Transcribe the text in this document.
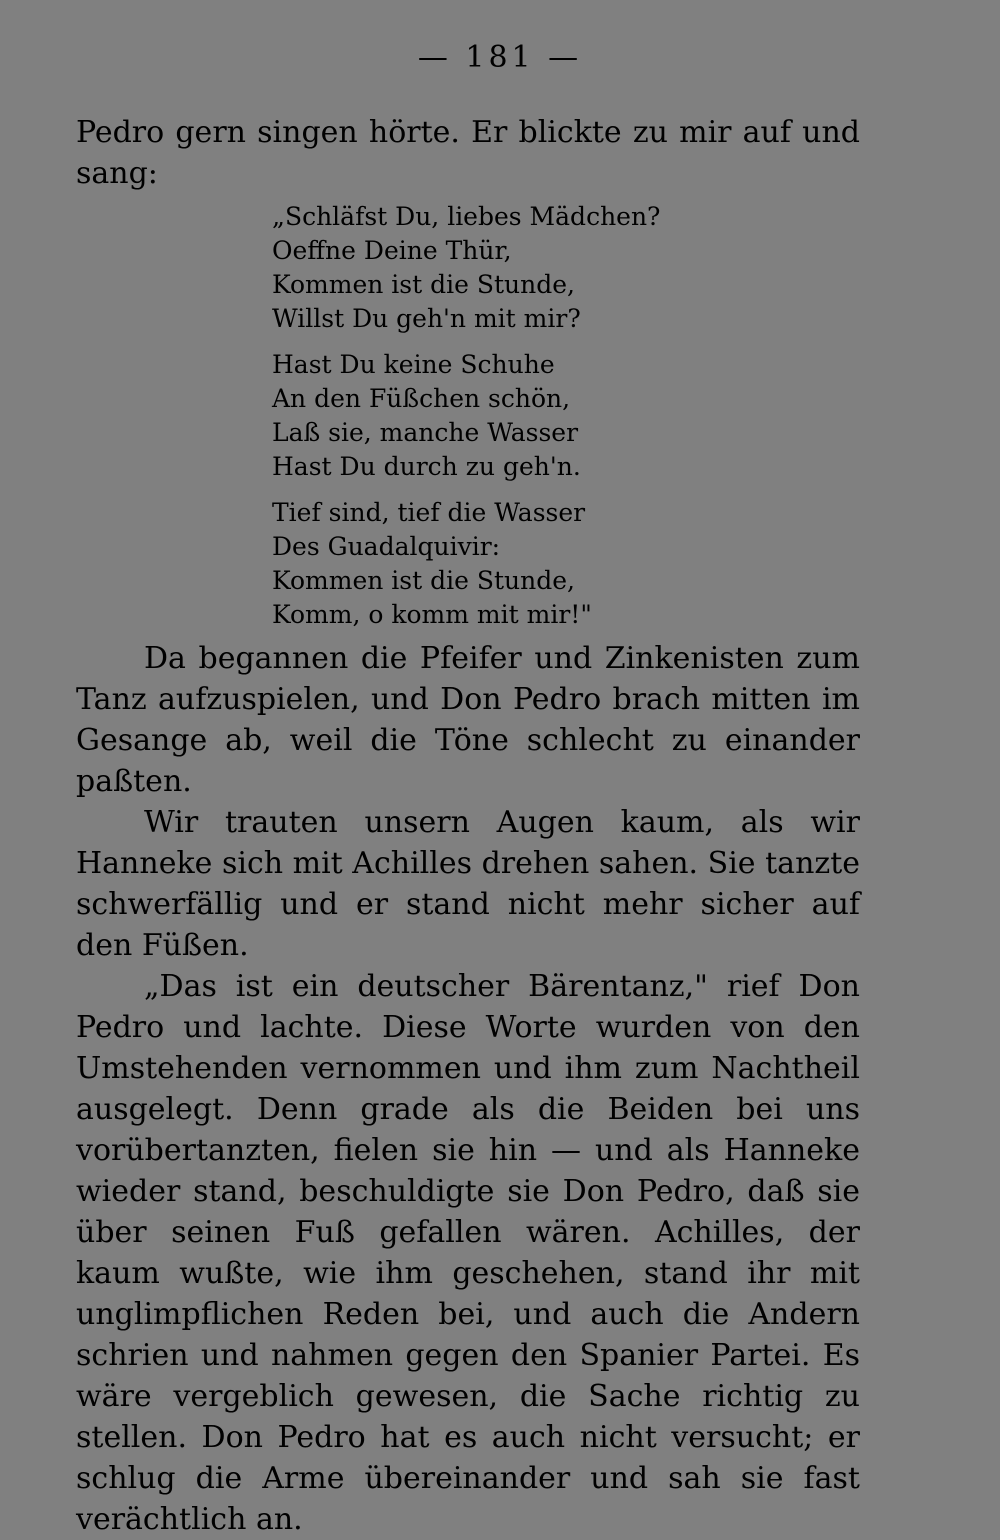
— 181 —

Pedro gern singen hörte. Er blickte zu mir auf und sang:

„Schläfst Du, liebes Mädchen?
Oeffne Deine Thür,
Kommen ist die Stunde,
Willst Du geh'n mit mir?
Hast Du keine Schuhe
An den Füßchen schön,
Laß sie, manche Wasser
Hast Du durch zu geh'n.
Tief sind, tief die Wasser
Des Guadalquivir:
Kommen ist die Stunde,
Komm, o komm mit mir!"

Da begannen die Pfeifer und Zinkenisten zum Tanz aufzuspielen, und Don Pedro brach mitten im Gesange ab, weil die Töne schlecht zu einander paßten.

Wir trauten unsern Augen kaum, als wir Hanneke sich mit Achilles drehen sahen. Sie tanzte schwerfällig und er stand nicht mehr sicher auf den Füßen.

„Das ist ein deutscher Bärentanz," rief Don Pedro und lachte. Diese Worte wurden von den Umstehenden vernommen und ihm zum Nachtheil ausgelegt. Denn grade als die Beiden bei uns vorübertanzten, fielen sie hin — und als Hanneke wieder stand, beschuldigte sie Don Pedro, daß sie über seinen Fuß gefallen wären. Achilles, der kaum wußte, wie ihm geschehen, stand ihr mit unglimpflichen Reden bei, und auch die Andern schrien und nahmen gegen den Spanier Partei. Es wäre vergeblich gewesen, die Sache richtig zu stellen. Don Pedro hat es auch nicht versucht; er schlug die Arme übereinander und sah sie fast verächtlich an.
